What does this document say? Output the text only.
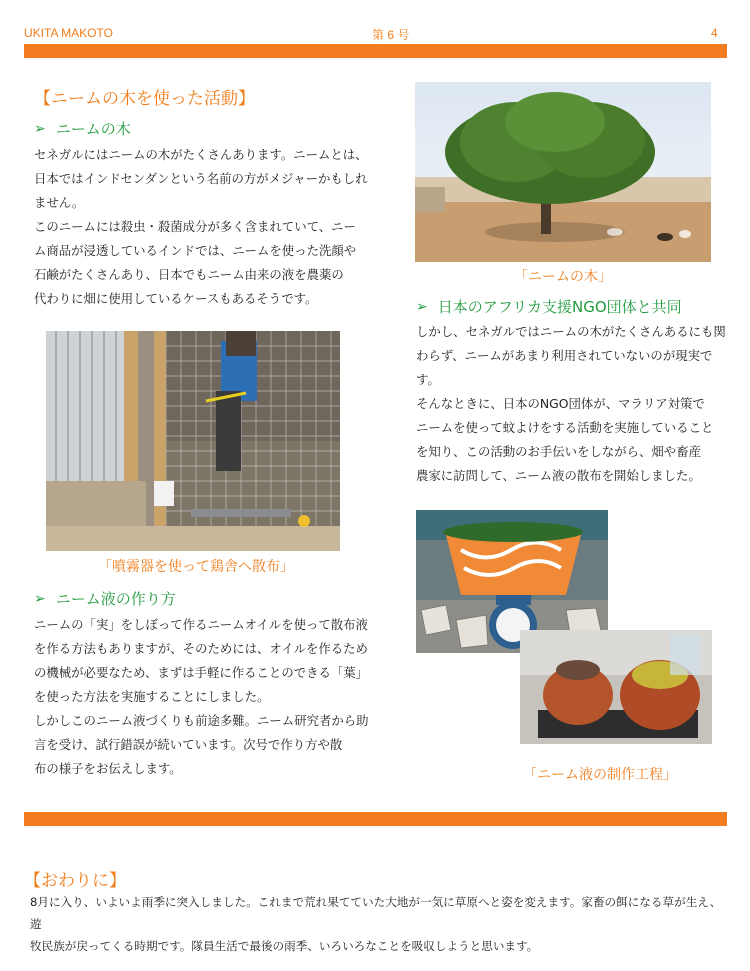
UKITA MAKOTO	第 6 号	4
【ニームの木を使った活動】
➢ ニームの木
セネガルにはニームの木がたくさんあります。ニームとは、
日本ではインドセンダンという名前の方がメジャーかもしれ
ません。
このニームには殺虫・殺菌成分が多く含まれていて、ニー
ム商品が浸透しているインドでは、ニームを使った洗顔や
石鹸がたくさんあり、日本でもニーム由来の液を農薬の
代わりに畑に使用しているケースもあるそうです。
「噴霧器を使って鶏舎へ散布」
➢ ニーム液の作り方
ニームの「実」をしぼって作るニームオイルを使って散布液
を作る方法もありますが、そのためには、オイルを作るため
の機械が必要なため、まずは手軽に作ることのできる「葉」
を使った方法を実施することにしました。
しかしこのニーム液づくりも前途多難。ニーム研究者から助
言を受け、試行錯誤が続いています。次号で作り方や散
布の様子をお伝えします。
「ニームの木」
➢ 日本のアフリカ支援NGO団体と共同
しかし、セネガルではニームの木がたくさんあるにも関
わらず、ニームがあまり利用されていないのが現実で
す。
そんなときに、日本のNGO団体が、マラリア対策で
ニームを使って蚊よけをする活動を実施していること
を知り、この活動のお手伝いをしながら、畑や畜産
農家に訪問して、ニーム液の散布を開始しました。
「ニーム液の制作工程」
【おわりに】
8月に入り、いよいよ雨季に突入しました。これまで荒れ果てていた大地が一気に草原へと姿を変えます。家畜の餌になる草が生え、遊
牧民族が戻ってくる時期です。隊員生活で最後の雨季、いろいろなことを吸収しようと思います。
